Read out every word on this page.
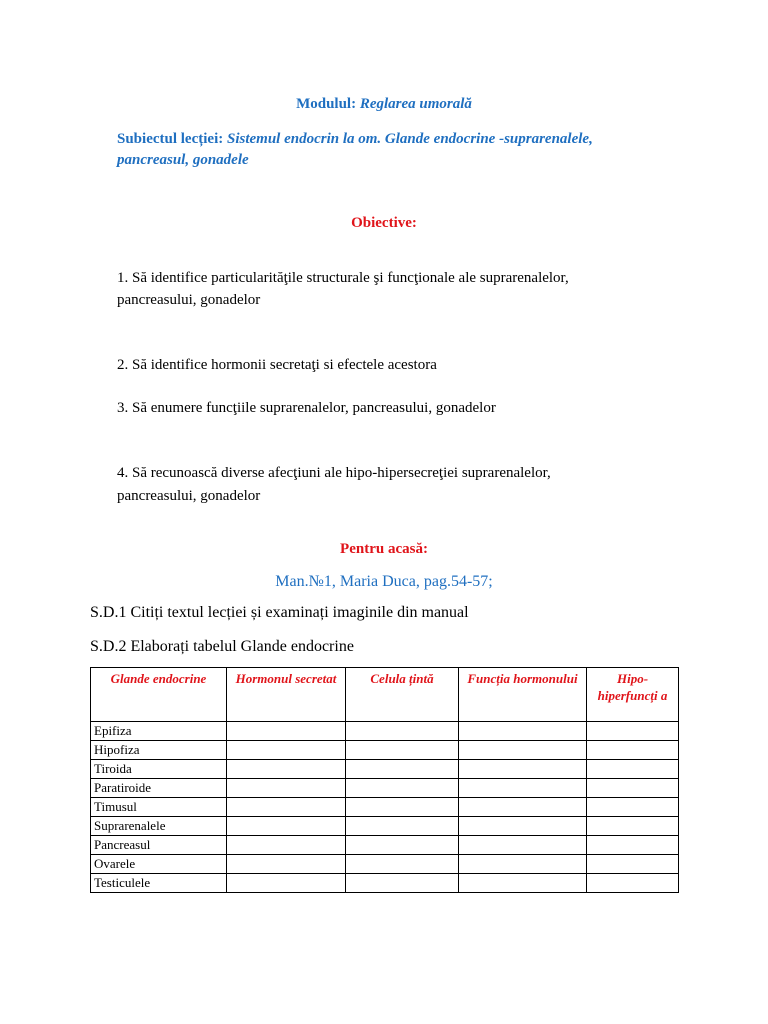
Modulul: Reglarea umorală
Subiectul lecției: Sistemul endocrin la om. Glande endocrine -suprarenalele,
pancreasul, gonadele
Obiective:
1. Să identifice particularităţile structurale şi funcţionale ale suprarenalelor,
pancreasului, gonadelor
2. Să identifice hormonii secretaţi si efectele acestora
3. Să enumere funcţiile suprarenalelor, pancreasului, gonadelor
4. Să recunoască diverse afecţiuni ale hipo-hipersecreţiei suprarenalelor,
pancreasului, gonadelor
Pentru acasă:
Man.№1, Maria Duca, pag.54-57;
S.D.1 Citiți textul lecției și examinați imaginile din manual
S.D.2 Elaborați tabelul Glande endocrine
Glande endocrine	Hormonul secretat	Celula țintă	Funcția hormonului	Hipo-hiperfuncți a
Epifiza				
Hipofiza				
Tiroida				
Paratiroide				
Timusul				
Suprarenalele				
Pancreasul				
Ovarele				
Testiculele				
